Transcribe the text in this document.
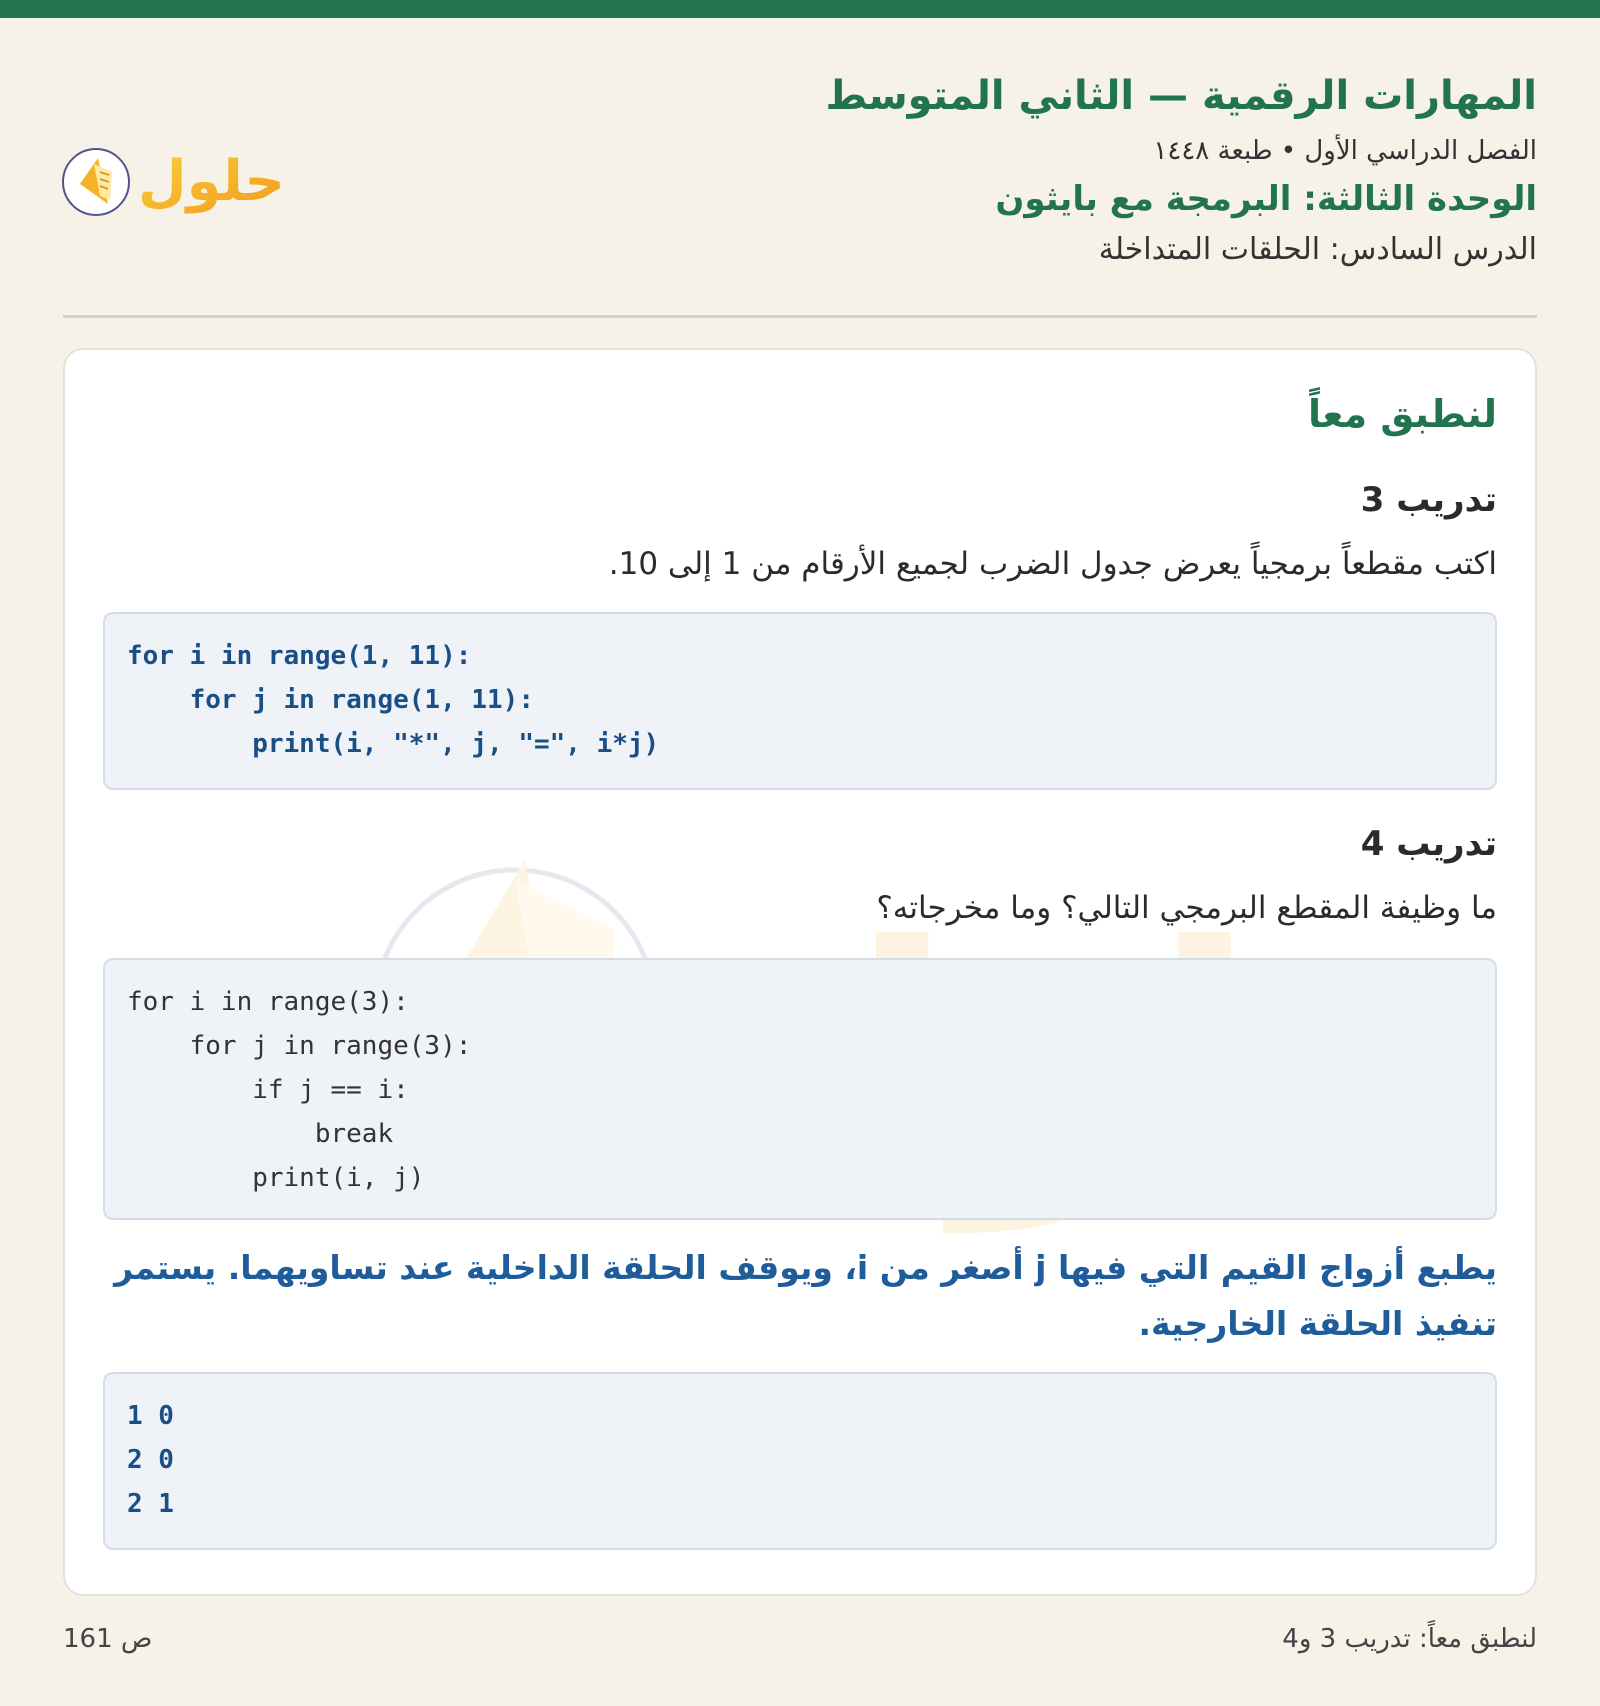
المهارات الرقمية — الثاني المتوسط
الفصل الدراسي الأول • طبعة ١٤٤٨
الوحدة الثالثة: البرمجة مع بايثون
الدرس السادس: الحلقات المتداخلة
حلول
لنطبق معاً
تدريب 3
اكتب مقطعاً برمجياً يعرض جدول الضرب لجميع الأرقام من 1 إلى 10.
for i in range(1, 11):
for j in range(1, 11):
print(i, "*", j, "=", i*j)
تدريب 4
ما وظيفة المقطع البرمجي التالي؟ وما مخرجاته؟
for i in range(3):
for j in range(3):
if j == i:
break
print(i, j)
يطبع أزواج القيم التي فيها j أصغر من i، ويوقف الحلقة الداخلية عند تساويهما. يستمر تنفيذ الحلقة الخارجية.
1 0
2 0
2 1
لنطبق معاً: تدريب 3 و4
ص 161
